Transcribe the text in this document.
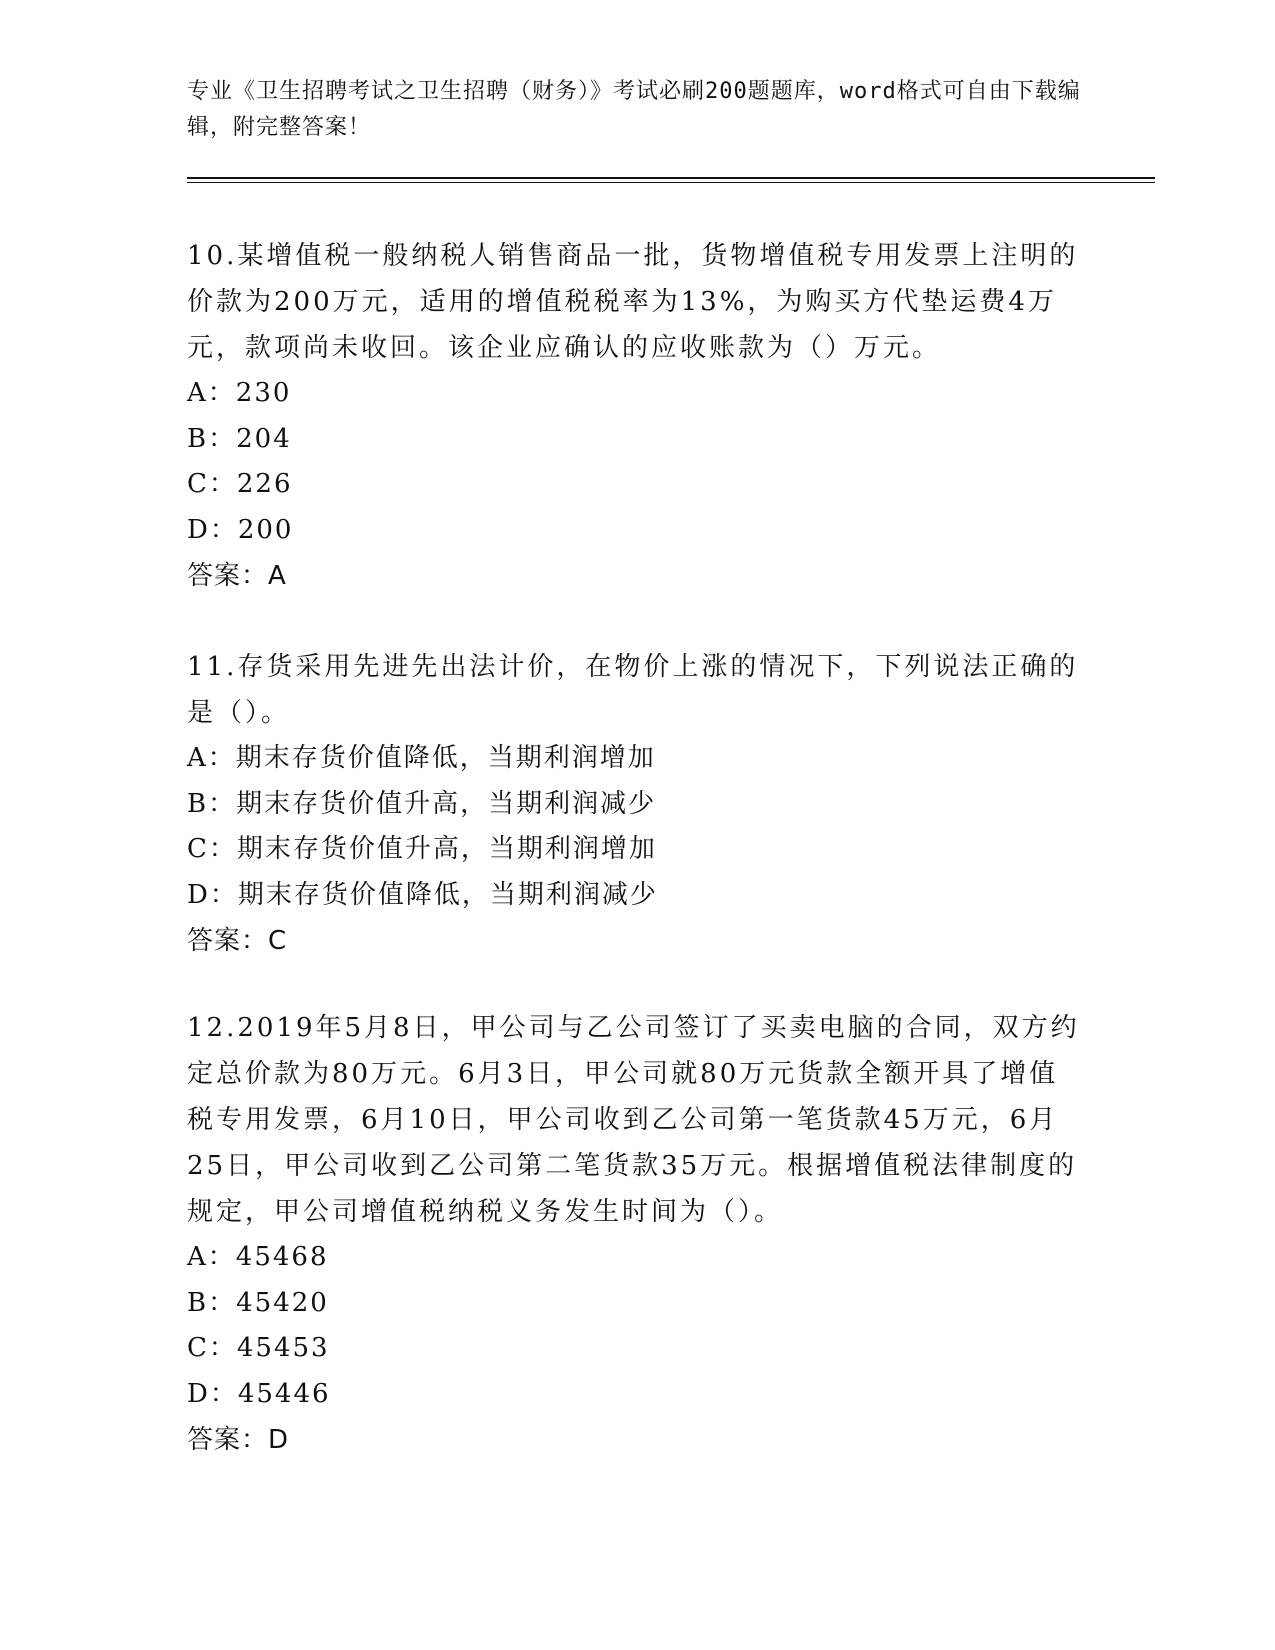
专业《卫生招聘考试之卫生招聘（财务）》考试必刷200题题库，word格式可自由下载编辑，附完整答案！
10.某增值税一般纳税人销售商品一批，货物增值税专用发票上注明的价款为200万元，适用的增值税税率为13%，为购买方代垫运费4万元，款项尚未收回。该企业应确认的应收账款为（）万元。
A：230
B：204
C：226
D：200
答案：A
11.存货采用先进先出法计价，在物价上涨的情况下，下列说法正确的是（）。
A：期末存货价值降低，当期利润增加
B：期末存货价值升高，当期利润减少
C：期末存货价值升高，当期利润增加
D：期末存货价值降低，当期利润减少
答案：C
12.2019年5月8日，甲公司与乙公司签订了买卖电脑的合同，双方约定总价款为80万元。6月3日，甲公司就80万元货款全额开具了增值税专用发票，6月10日，甲公司收到乙公司第一笔货款45万元，6月25日，甲公司收到乙公司第二笔货款35万元。根据增值税法律制度的规定，甲公司增值税纳税义务发生时间为（）。
A：45468
B：45420
C：45453
D：45446
答案：D
